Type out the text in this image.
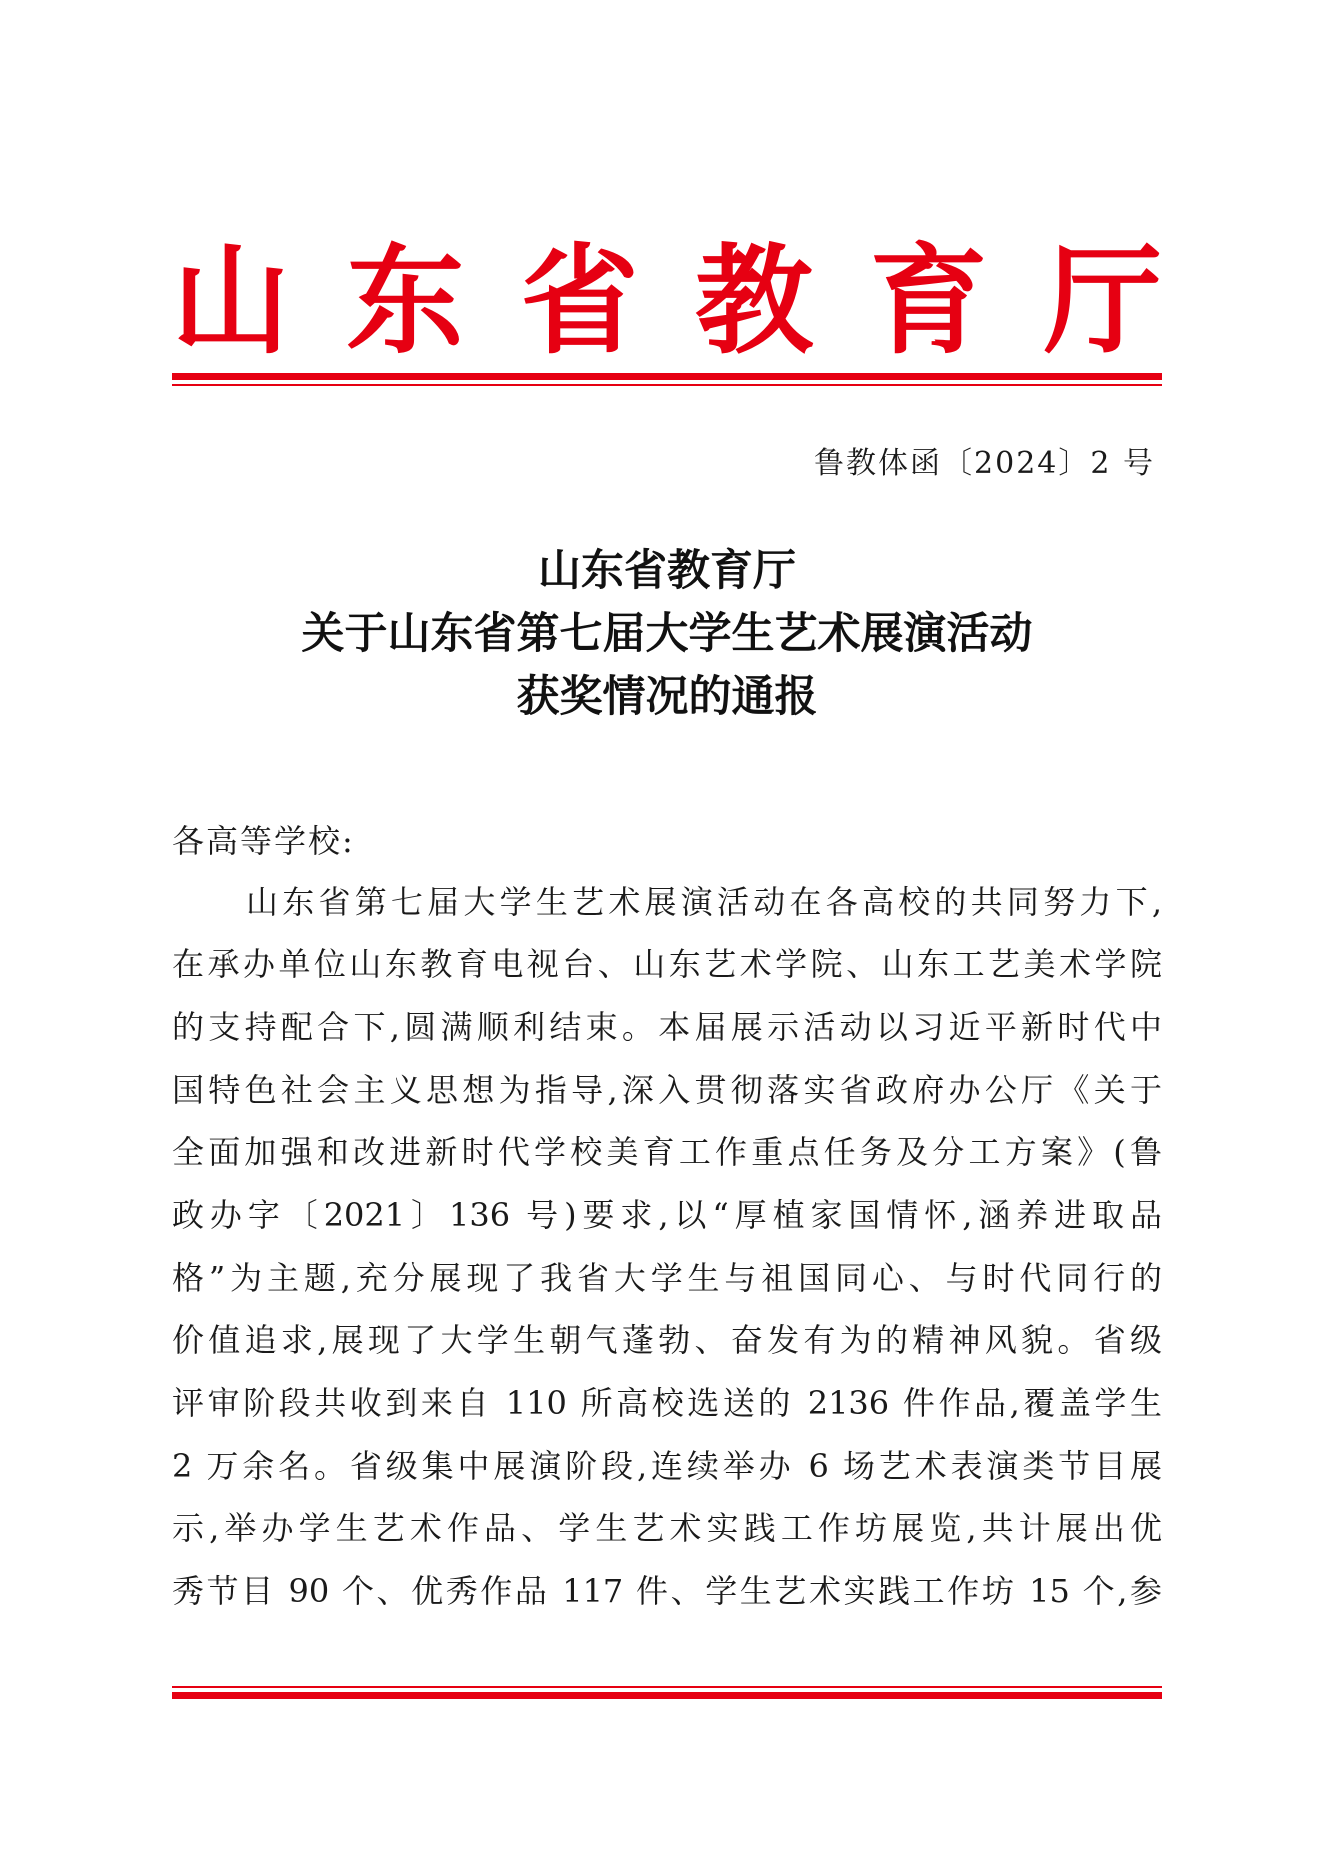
山 东 省 教 育 厅
鲁教体函〔2024〕2 号
山东省教育厅
关于山东省第七届大学生艺术展演活动
获奖情况的通报
各高等学校:
山东省第七届大学生艺术展演活动在各高校的共同努力下,
在承办单位山东教育电视台、山东艺术学院、山东工艺美术学院
的支持配合下,圆满顺利结束。本届展示活动以习近平新时代中
国特色社会主义思想为指导,深入贯彻落实省政府办公厅《关于
全面加强和改进新时代学校美育工作重点任务及分工方案》(鲁
政办字〔2021〕136 号)要求,以“厚植家国情怀,涵养进取品
格”为主题,充分展现了我省大学生与祖国同心、与时代同行的
价值追求,展现了大学生朝气蓬勃、奋发有为的精神风貌。省级
评审阶段共收到来自 110 所高校选送的 2136 件作品,覆盖学生
2 万余名。省级集中展演阶段,连续举办 6 场艺术表演类节目展
示,举办学生艺术作品、学生艺术实践工作坊展览,共计展出优
秀节目 90 个、优秀作品 117 件、学生艺术实践工作坊 15 个,参
